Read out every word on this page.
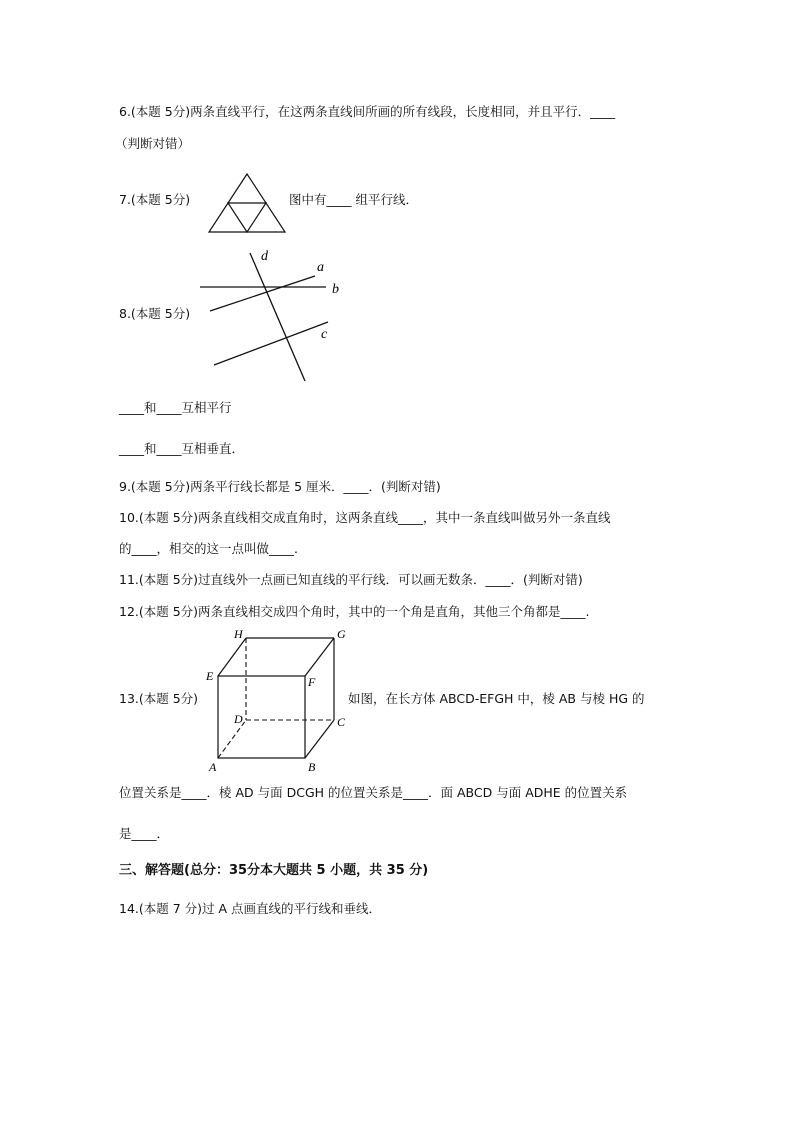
6.(本题 5分)两条直线平行，在这两条直线间所画的所有线段，长度相同，并且平行．____
（判断对错）
7.(本题 5分)	图中有____ 组平行线．
8.(本题 5分)
d
a
b
c
____和____互相平行
____和____互相垂直．
9.(本题 5分)两条平行线长都是 5 厘米．____．(判断对错)
10.(本题 5分)两条直线相交成直角时，这两条直线____，其中一条直线叫做另外一条直线
的____，相交的这一点叫做____.
11.(本题 5分)过直线外一点画已知直线的平行线．可以画无数条．____．(判断对错)
12.(本题 5分)两条直线相交成四个角时，其中的一个角是直角，其他三个角都是____.
13.(本题 5分)
H	G
E	F
D	C
A	B
如图，在长方体 ABCD-EFGH 中，棱 AB 与棱 HG 的
位置关系是____．棱 AD 与面 DCGH 的位置关系是____．面 ABCD 与面 ADHE 的位置关系
是____．
三、解答题(总分：35分本大题共 5 小题，共 35 分)
14.(本题 7 分)过 A 点画直线的平行线和垂线．
